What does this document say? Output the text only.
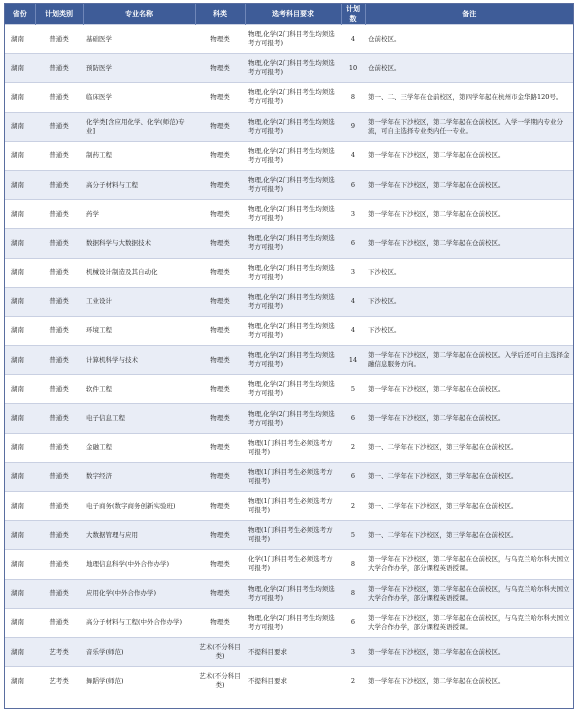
省份	计划类别	专业名称	科类	选考科目要求	计划数	备注
湖南	普通类	基础医学	物理类	物理,化学(2门科目考生均须选考方可报考)	4	仓前校区。
湖南	普通类	预防医学	物理类	物理,化学(2门科目考生均须选考方可报考)	10	仓前校区。
湖南	普通类	临床医学	物理类	物理,化学(2门科目考生均须选考方可报考)	8	第一、二、三学年在仓前校区，第四学年起在杭州市金华路120号。
湖南	普通类	化学类[含应用化学、化学(师范)专业]	物理类	物理,化学(2门科目考生均须选考方可报考)	9	第一学年在下沙校区，第二学年起在仓前校区。入学一学期内专业分流，可自主选择专业类内任一专业。
湖南	普通类	制药工程	物理类	物理,化学(2门科目考生均须选考方可报考)	4	第一学年在下沙校区，第二学年起在仓前校区。
湖南	普通类	高分子材料与工程	物理类	物理,化学(2门科目考生均须选考方可报考)	6	第一学年在下沙校区，第二学年起在仓前校区。
湖南	普通类	药学	物理类	物理,化学(2门科目考生均须选考方可报考)	3	第一学年在下沙校区，第二学年起在仓前校区。
湖南	普通类	数据科学与大数据技术	物理类	物理,化学(2门科目考生均须选考方可报考)	6	第一学年在下沙校区，第二学年起在仓前校区。
湖南	普通类	机械设计制造及其自动化	物理类	物理,化学(2门科目考生均须选考方可报考)	3	下沙校区。
湖南	普通类	工业设计	物理类	物理,化学(2门科目考生均须选考方可报考)	4	下沙校区。
湖南	普通类	环境工程	物理类	物理,化学(2门科目考生均须选考方可报考)	4	下沙校区。
湖南	普通类	计算机科学与技术	物理类	物理,化学(2门科目考生均须选考方可报考)	14	第一学年在下沙校区，第二学年起在仓前校区。入学后还可自主选择金融信息服务方向。
湖南	普通类	软件工程	物理类	物理,化学(2门科目考生均须选考方可报考)	5	第一学年在下沙校区，第二学年起在仓前校区。
湖南	普通类	电子信息工程	物理类	物理,化学(2门科目考生均须选考方可报考)	6	第一学年在下沙校区，第二学年起在仓前校区。
湖南	普通类	金融工程	物理类	物理(1门科目考生必须选考方可报考)	2	第一、二学年在下沙校区，第三学年起在仓前校区。
湖南	普通类	数字经济	物理类	物理(1门科目考生必须选考方可报考)	6	第一、二学年在下沙校区，第三学年起在仓前校区。
湖南	普通类	电子商务(数字商务创新实验班)	物理类	物理(1门科目考生必须选考方可报考)	2	第一、二学年在下沙校区，第三学年起在仓前校区。
湖南	普通类	大数据管理与应用	物理类	物理(1门科目考生必须选考方可报考)	5	第一、二学年在下沙校区，第三学年起在仓前校区。
湖南	普通类	地理信息科学(中外合作办学)	物理类	化学(1门科目考生必须选考方可报考)	8	第一学年在下沙校区，第二学年起在仓前校区，与乌克兰哈尔科夫国立大学合作办学，部分课程英语授课。
湖南	普通类	应用化学(中外合作办学)	物理类	物理,化学(2门科目考生均须选考方可报考)	8	第一学年在下沙校区，第二学年起在仓前校区，与乌克兰哈尔科夫国立大学合作办学，部分课程英语授课。
湖南	普通类	高分子材料与工程(中外合作办学)	物理类	物理,化学(2门科目考生均须选考方可报考)	6	第一学年在下沙校区，第二学年起在仓前校区，与乌克兰哈尔科夫国立大学合作办学，部分课程英语授课。
湖南	艺考类	音乐学(师范)	艺术(不分科目类)	不提科目要求	3	第一学年在下沙校区，第二学年起在仓前校区。
湖南	艺考类	舞蹈学(师范)	艺术(不分科目类)	不提科目要求	2	第一学年在下沙校区，第二学年起在仓前校区。
